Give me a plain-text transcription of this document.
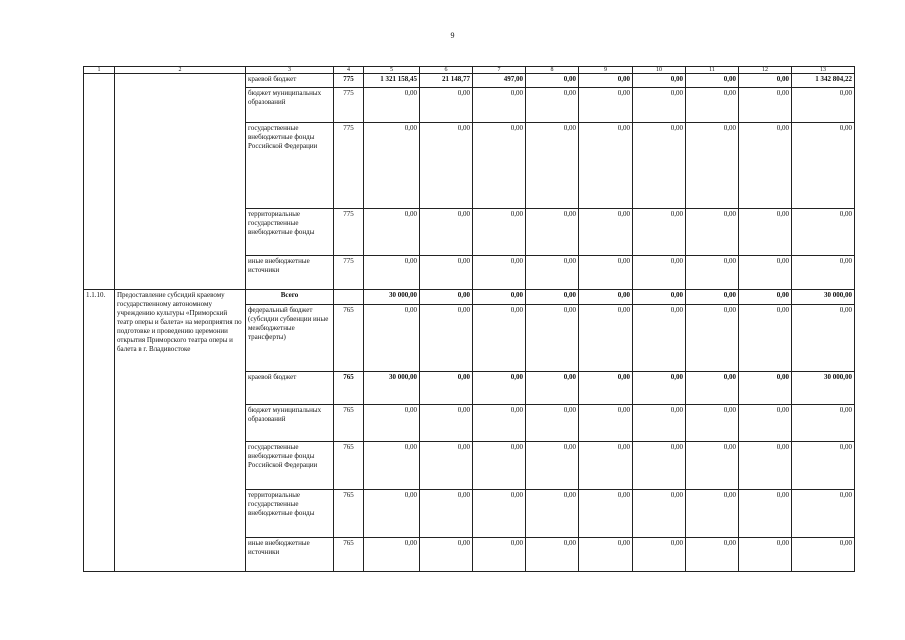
9
1	2	3	4	5	6	7	8	9	10	11	12	13
		краевой бюджет	775	1 321 158,45	21 148,77	497,00	0,00	0,00	0,00	0,00	0,00	1 342 804,22
		бюджет муниципальных образований	775	0,00	0,00	0,00	0,00	0,00	0,00	0,00	0,00	0,00
		государственные внебюджетные фонды Российской Федерации	775	0,00	0,00	0,00	0,00	0,00	0,00	0,00	0,00	0,00
		территориальные государственные внебюджетные фонды	775	0,00	0,00	0,00	0,00	0,00	0,00	0,00	0,00	0,00
		иные внебюджетные источники	775	0,00	0,00	0,00	0,00	0,00	0,00	0,00	0,00	0,00
1.1.10.	Предоставление субсидий краевому государственному автономному учреждению культуры «Приморский театр оперы и балета» на мероприятия по подготовке и проведению церемонии открытия Приморского театра оперы и балета в г. Владивостоке	Всего		30 000,00	0,00	0,00	0,00	0,00	0,00	0,00	0,00	30 000,00
		федеральный бюджет (субсидии субвенции иные межбюджетные трансферты)	765	0,00	0,00	0,00	0,00	0,00	0,00	0,00	0,00	0,00
		краевой бюджет	765	30 000,00	0,00	0,00	0,00	0,00	0,00	0,00	0,00	30 000,00
		бюджет муниципальных образований	765	0,00	0,00	0,00	0,00	0,00	0,00	0,00	0,00	0,00
		государственные внебюджетные фонды Российской Федерации	765	0,00	0,00	0,00	0,00	0,00	0,00	0,00	0,00	0,00
		территориальные государственные внебюджетные фонды	765	0,00	0,00	0,00	0,00	0,00	0,00	0,00	0,00	0,00
		иные внебюджетные источники	765	0,00	0,00	0,00	0,00	0,00	0,00	0,00	0,00	0,00
